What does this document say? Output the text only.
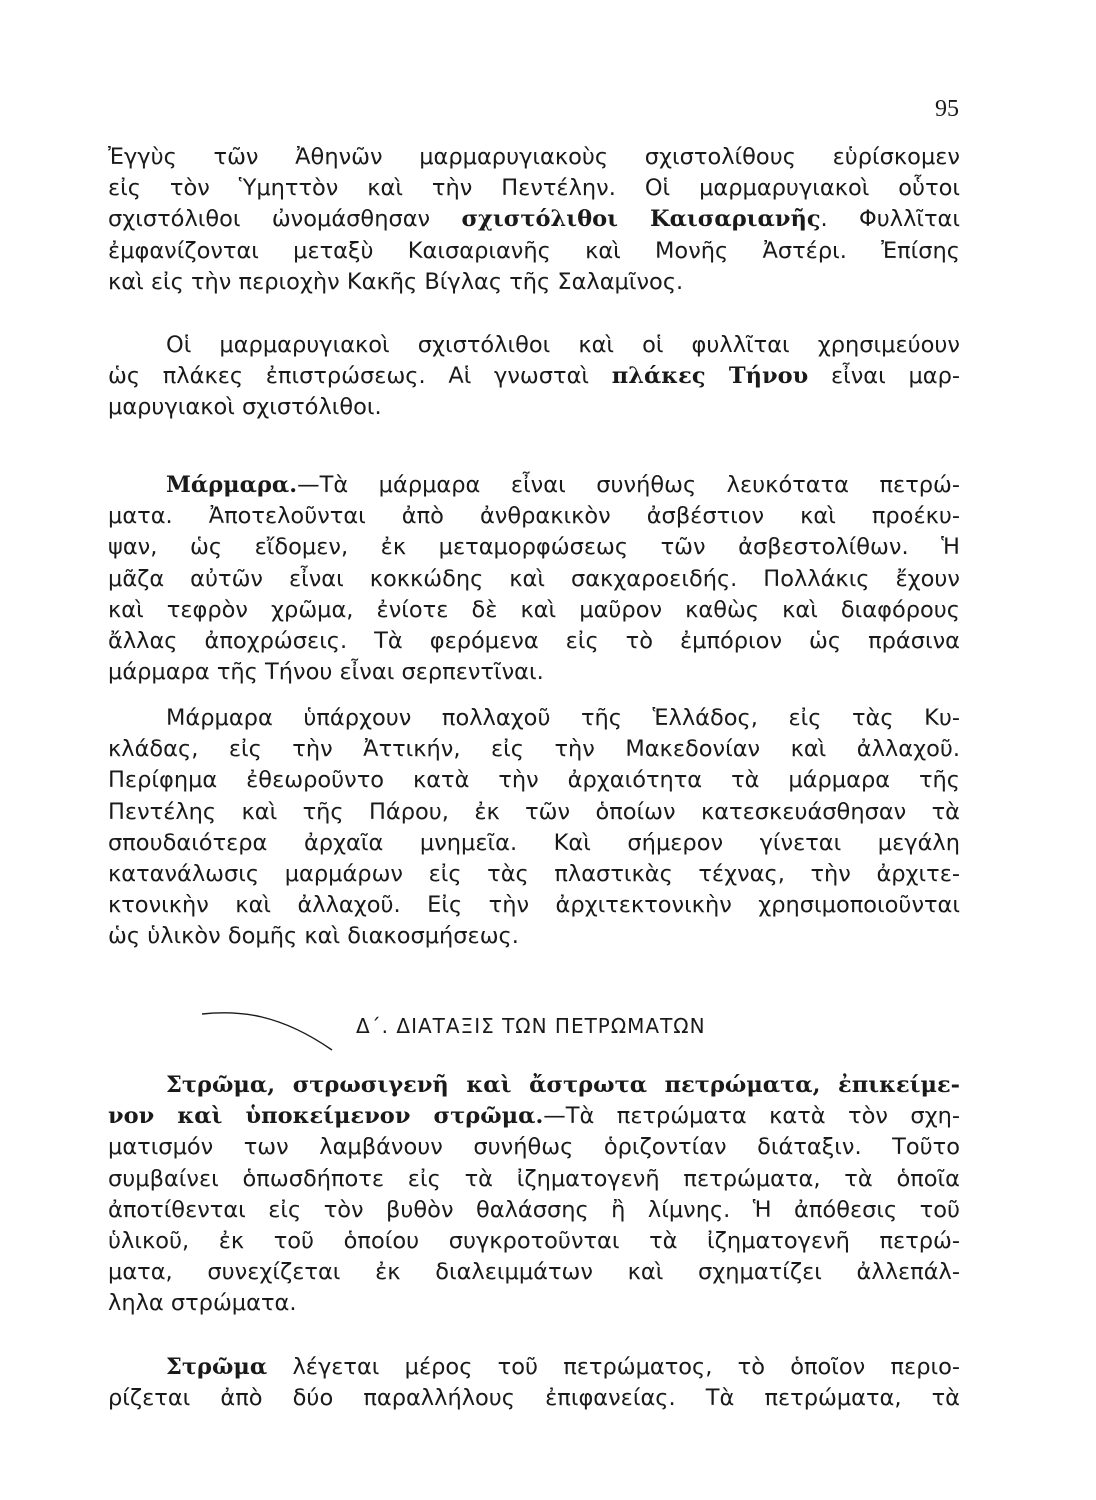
95
Ἐγγὺς τῶν Ἀθηνῶν μαρμαρυγιακοὺς σχιστολίθους εὑρίσκομεν
εἰς τὸν Ὑμηττὸν καὶ τὴν Πεντέλην. Οἱ μαρμαρυγιακοὶ οὗτοι
σχιστόλιθοι ὠνομάσθησαν σχιστόλιθοι Καισαριανῆς. Φυλλῖται
ἐμφανίζονται μεταξὺ Καισαριανῆς καὶ Μονῆς Ἀστέρι. Ἐπίσης
καὶ εἰς τὴν περιοχὴν Κακῆς Βίγλας τῆς Σαλαμῖνος.
Οἱ μαρμαρυγιακοὶ σχιστόλιθοι καὶ οἱ φυλλῖται χρησιμεύουν
ὡς πλάκες ἐπιστρώσεως. Αἱ γνωσταὶ πλάκες Τήνου εἶναι μαρ-
μαρυγιακοὶ σχιστόλιθοι.
Μάρμαρα.—Τὰ μάρμαρα εἶναι συνήθως λευκότατα πετρώ-
ματα. Ἀποτελοῦνται ἀπὸ ἀνθρακικὸν ἀσβέστιον καὶ προέκυ-
ψαν, ὡς εἴδομεν, ἐκ μεταμορφώσεως τῶν ἀσβεστολίθων. Ἡ
μᾶζα αὐτῶν εἶναι κοκκώδης καὶ σακχαροειδής. Πολλάκις ἔχουν
καὶ τεφρὸν χρῶμα, ἐνίοτε δὲ καὶ μαῦρον καθὼς καὶ διαφόρους
ἄλλας ἀποχρώσεις. Τὰ φερόμενα εἰς τὸ ἐμπόριον ὡς πράσινα
μάρμαρα τῆς Τήνου εἶναι σερπεντῖναι.
Μάρμαρα ὑπάρχουν πολλαχοῦ τῆς Ἑλλάδος, εἰς τὰς Κυ-
κλάδας, εἰς τὴν Ἀττικήν, εἰς τὴν Μακεδονίαν καὶ ἀλλαχοῦ.
Περίφημα ἐθεωροῦντο κατὰ τὴν ἀρχαιότητα τὰ μάρμαρα τῆς
Πεντέλης καὶ τῆς Πάρου, ἐκ τῶν ὁποίων κατεσκευάσθησαν τὰ
σπουδαιότερα ἀρχαῖα μνημεῖα. Καὶ σήμερον γίνεται μεγάλη
κατανάλωσις μαρμάρων εἰς τὰς πλαστικὰς τέχνας, τὴν ἀρχιτε-
κτονικὴν καὶ ἀλλαχοῦ. Εἰς τὴν ἀρχιτεκτονικὴν χρησιμοποιοῦνται
ὡς ὑλικὸν δομῆς καὶ διακοσμήσεως.
Δ΄. ΔΙΑΤΑΞΙΣ ΤΩΝ ΠΕΤΡΩΜΑΤΩΝ
Στρῶμα, στρωσιγενῆ καὶ ἄστρωτα πετρώματα, ἐπικείμε-
νον καὶ ὑποκείμενον στρῶμα.—Τὰ πετρώματα κατὰ τὸν σχη-
ματισμόν των λαμβάνουν συνήθως ὁριζοντίαν διάταξιν. Τοῦτο
συμβαίνει ὁπωσδήποτε εἰς τὰ ἰζηματογενῆ πετρώματα, τὰ ὁποῖα
ἀποτίθενται εἰς τὸν βυθὸν θαλάσσης ἢ λίμνης. Ἡ ἀπόθεσις τοῦ
ὑλικοῦ, ἐκ τοῦ ὁποίου συγκροτοῦνται τὰ ἰζηματογενῆ πετρώ-
ματα, συνεχίζεται ἐκ διαλειμμάτων καὶ σχηματίζει ἀλλεπάλ-
ληλα στρώματα.
Στρῶμα λέγεται μέρος τοῦ πετρώματος, τὸ ὁποῖον περιο-
ρίζεται ἀπὸ δύο παραλλήλους ἐπιφανείας. Τὰ πετρώματα, τὰ
